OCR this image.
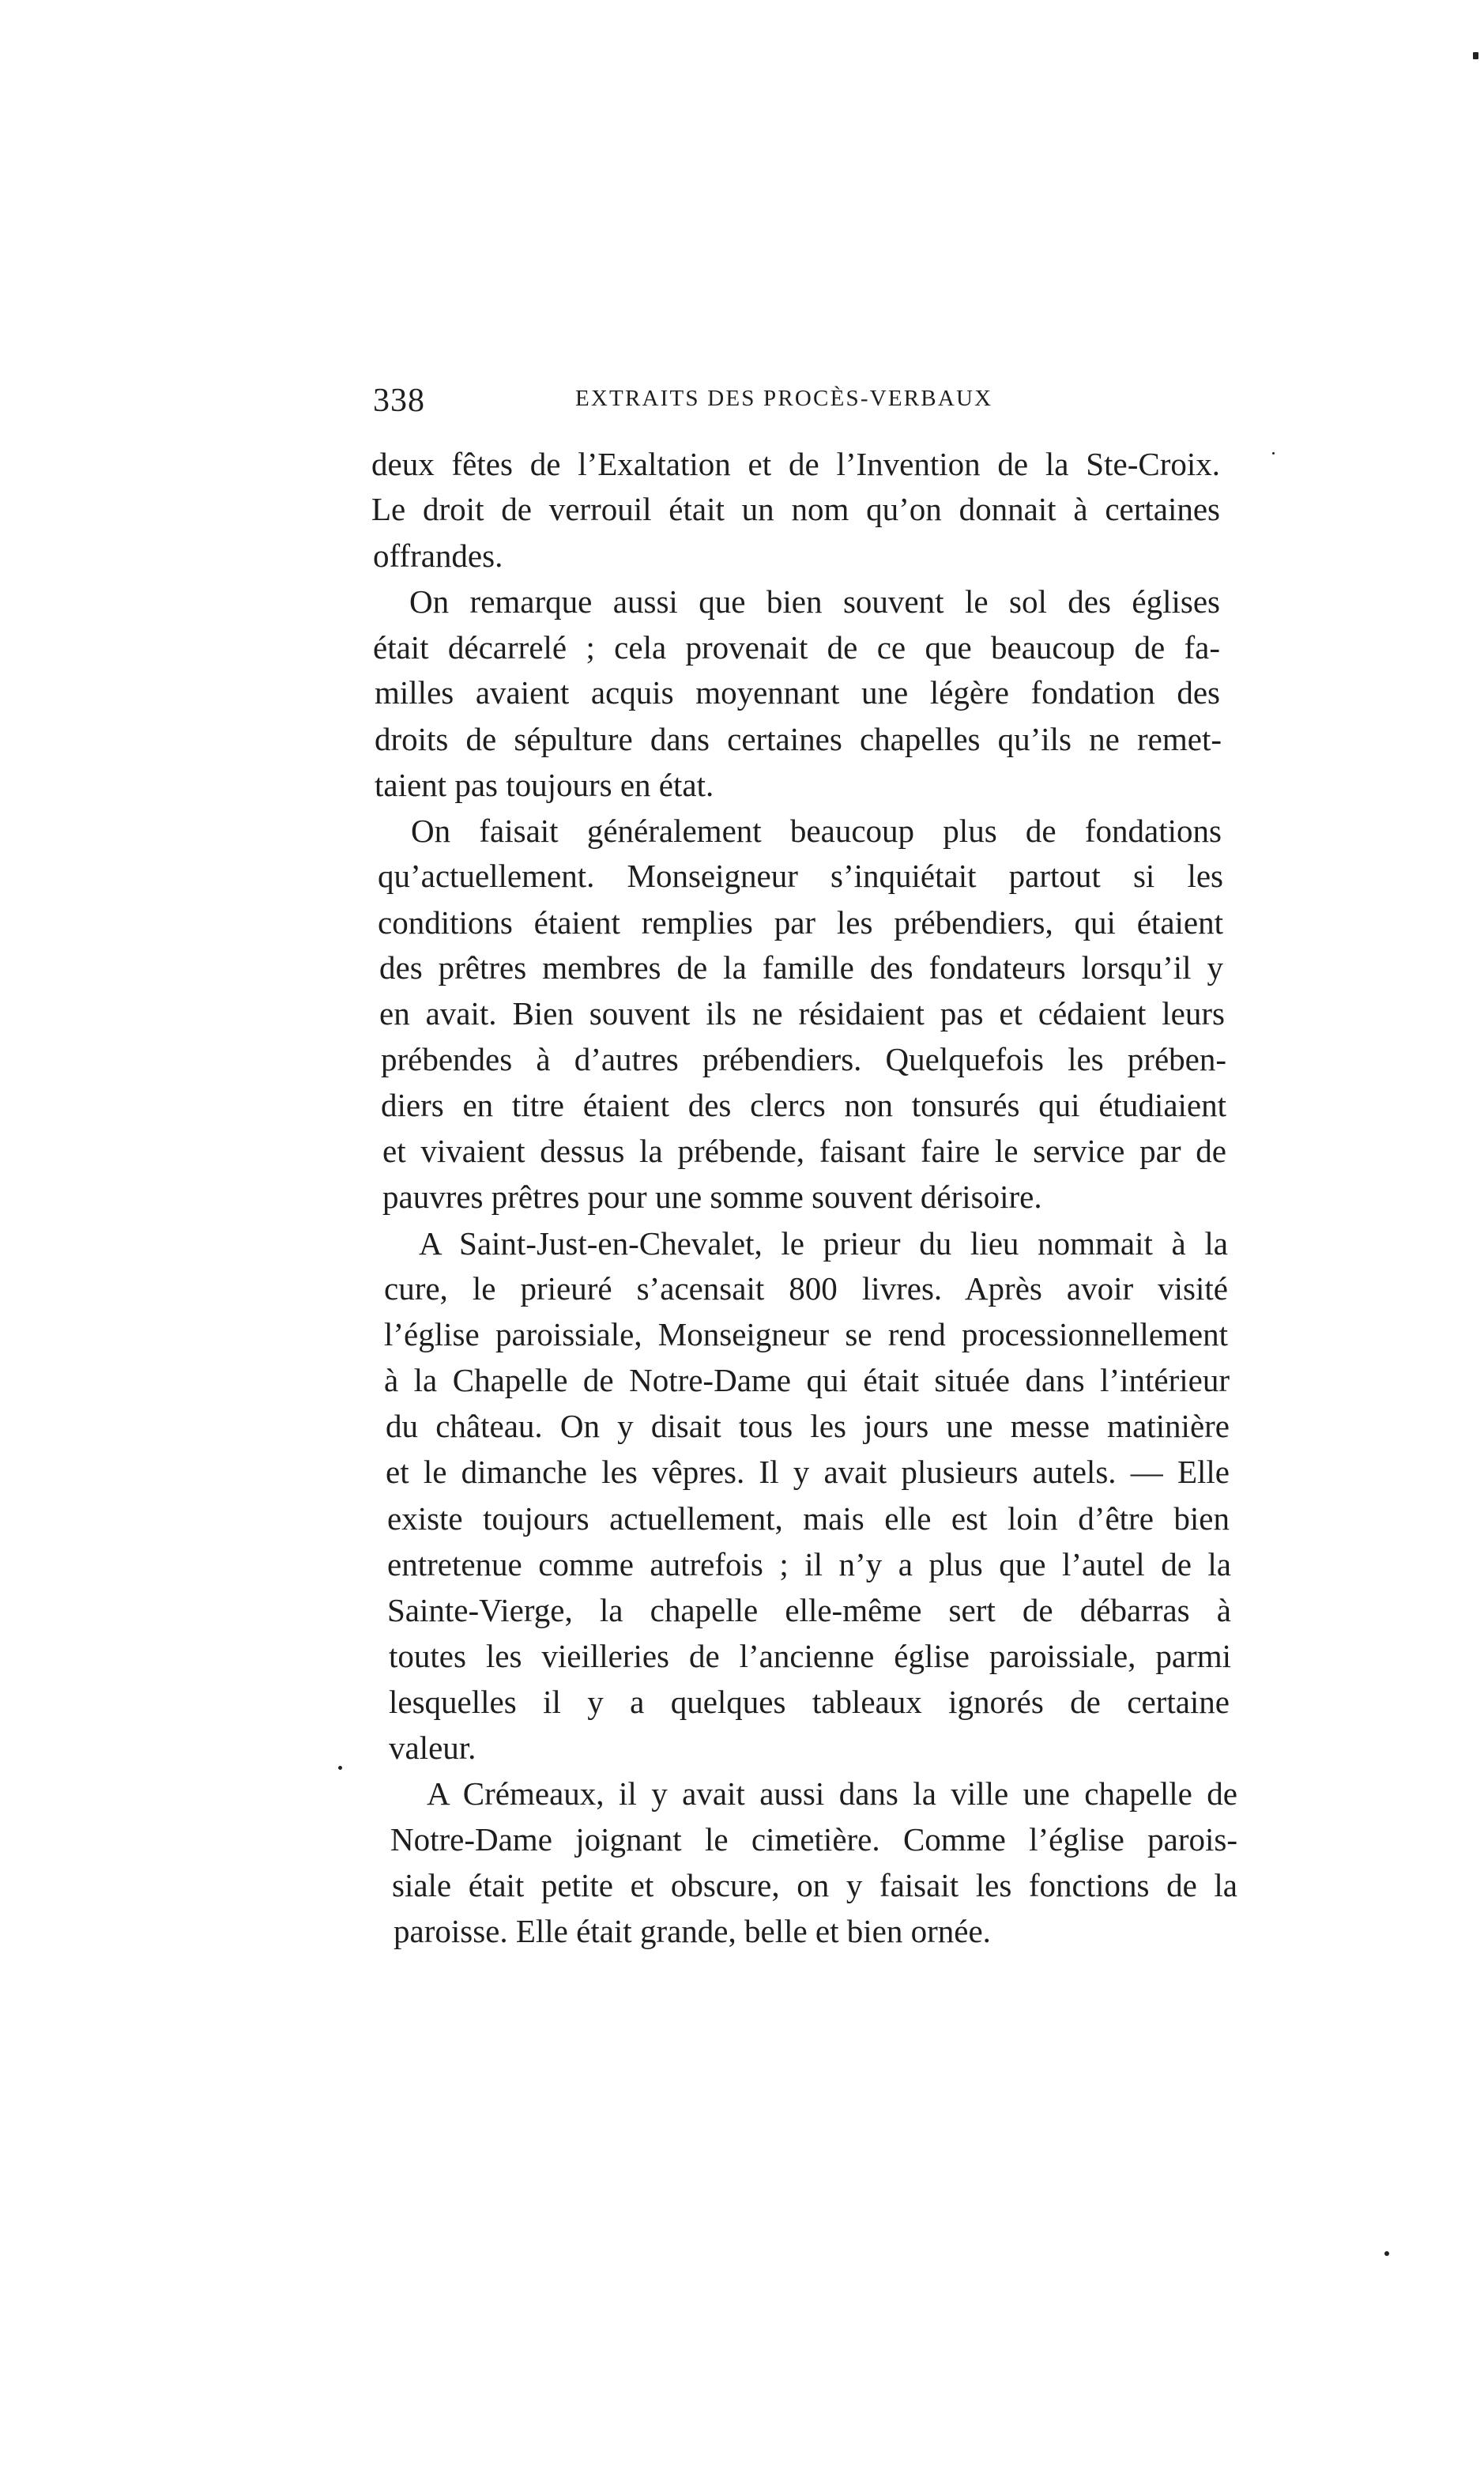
338	EXTRAITS DES PROCÈS-VERBAUX
deux fêtes de l’Exaltation et de l’Invention de la Ste-Croix.
Le droit de verrouil était un nom qu’on donnait à certaines
offrandes.
On remarque aussi que bien souvent le sol des églises
était décarrelé ; cela provenait de ce que beaucoup de fa-
milles avaient acquis moyennant une légère fondation des
droits de sépulture dans certaines chapelles qu’ils ne remet-
taient pas toujours en état.
On faisait généralement beaucoup plus de fondations
qu’actuellement. Monseigneur s’inquiétait partout si les
conditions étaient remplies par les prébendiers, qui étaient
des prêtres membres de la famille des fondateurs lorsqu’il y
en avait. Bien souvent ils ne résidaient pas et cédaient leurs
prébendes à d’autres prébendiers. Quelquefois les prében-
diers en titre étaient des clercs non tonsurés qui étudiaient
et vivaient dessus la prébende, faisant faire le service par de
pauvres prêtres pour une somme souvent dérisoire.
A Saint-Just-en-Chevalet, le prieur du lieu nommait à la
cure, le prieuré s’acensait 800 livres. Après avoir visité
l’église paroissiale, Monseigneur se rend processionnellement
à la Chapelle de Notre-Dame qui était située dans l’intérieur
du château. On y disait tous les jours une messe matinière
et le dimanche les vêpres. Il y avait plusieurs autels. — Elle
existe toujours actuellement, mais elle est loin d’être bien
entretenue comme autrefois ; il n’y a plus que l’autel de la
Sainte-Vierge, la chapelle elle-même sert de débarras à
toutes les vieilleries de l’ancienne église paroissiale, parmi
lesquelles il y a quelques tableaux ignorés de certaine
valeur.
A Crémeaux, il y avait aussi dans la ville une chapelle de
Notre-Dame joignant le cimetière. Comme l’église parois-
siale était petite et obscure, on y faisait les fonctions de la
paroisse. Elle était grande, belle et bien ornée.
